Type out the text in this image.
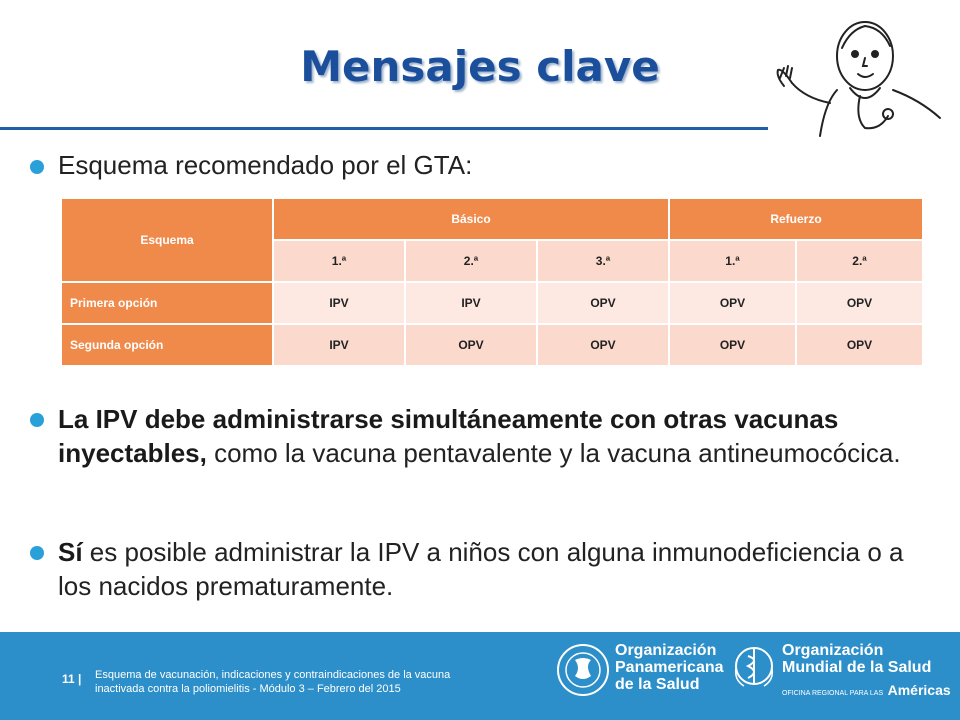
Mensajes clave
Esquema recomendado por el GTA:
Esquema	Básico			Refuerzo	
	1.ª	2.ª	3.ª	1.ª	2.ª
Primera opción	IPV	IPV	OPV	OPV	OPV
Segunda opción	IPV	OPV	OPV	OPV	OPV
La IPV debe administrarse simultáneamente con otras vacunas inyectables, como la vacuna pentavalente y la vacuna antineumocócica.
Sí es posible administrar la IPV a niños con alguna inmunodeficiencia o a los nacidos prematuramente.
11 | Esquema de vacunación, indicaciones y contraindicaciones de la vacuna
inactivada contra la poliomielitis - Módulo 3 – Febrero del 2015
Organización
Panamericana
de la Salud
Organización
Mundial de la Salud
OFICINA REGIONAL PARA LAS Américas
